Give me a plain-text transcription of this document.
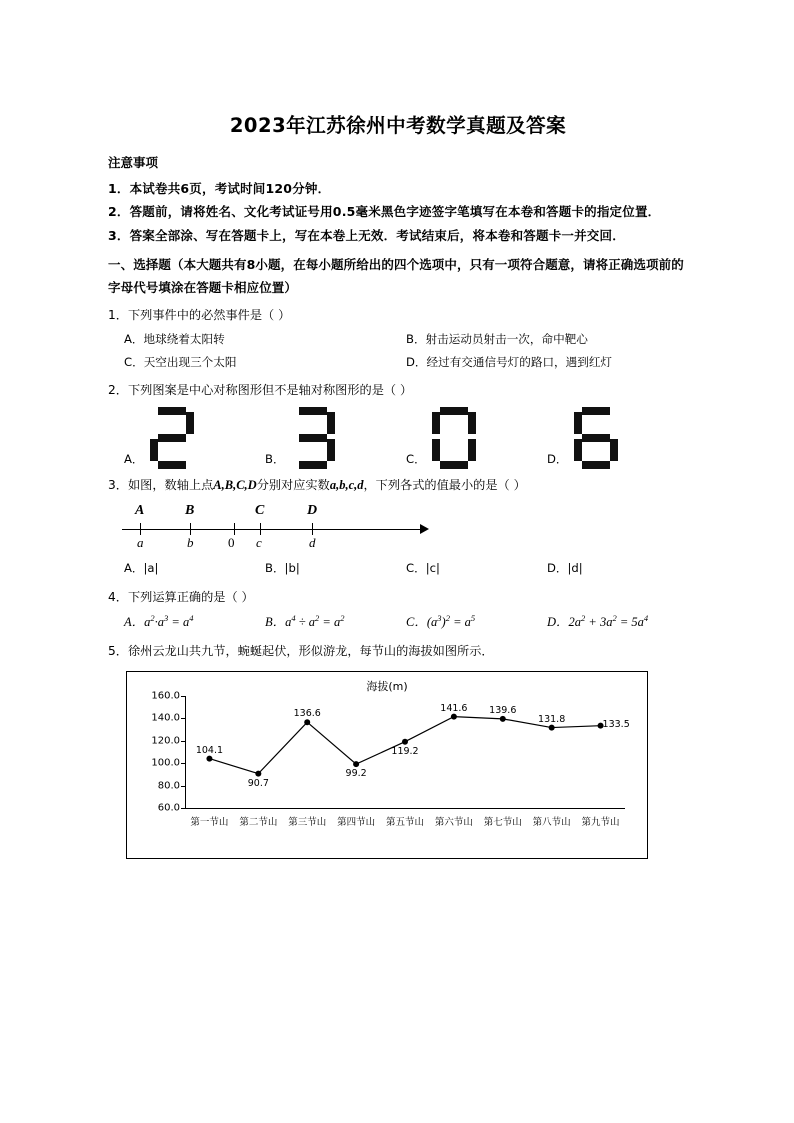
2023年江苏徐州中考数学真题及答案
注意事项

1．本试卷共6页，考试时间120分钟．

2．答题前，请将姓名、文化考试证号用0.5毫米黑色字迹签字笔填写在本卷和答题卡的指定位置．

3．答案全部涂、写在答题卡上，写在本卷上无效．考试结束后，将本卷和答题卡一并交回．

一、选择题（本大题共有8小题，在每小题所给出的四个选项中，只有一项符合题意，请将正确选项前的字母代号填涂在答题卡相应位置）

1．下列事件中的必然事件是（ ）

A．地球绕着太阳转	B．射击运动员射击一次，命中靶心
C．天空出现三个太阳	D．经过有交通信号灯的路口，遇到红灯

2．下列图案是中心对称图形但不是轴对称图形的是（ ）

A．	B．	C．	D．

3．如图，数轴上点A,B,C,D分别对应实数a,b,c,d，下列各式的值最小的是（ ）

A	B	C	D
a	b	0 c	d
A．|a|	B．|b|	C．|c|	D．|d|

4．下列运算正确的是（ ）

A．$a^2\cdot a^3 = a^4$	B．$a^4 \div a^2 = a^2$	C．$(a^3)^2 = a^5$	D．$2a^2 + 3a^2 = 5a^4$

5．徐州云龙山共九节，蜿蜒起伏，形似游龙，每节山的海拔如图所示．

海拔(m)
60.0
80.0
100.0
120.0
140.0
160.0
第一节山 第二节山 第三节山 第四节山 第五节山 第六节山 第七节山 第八节山 第九节山
104.1
90.7
136.6
99.2
119.2
141.6 139.6
131.8	133.5
